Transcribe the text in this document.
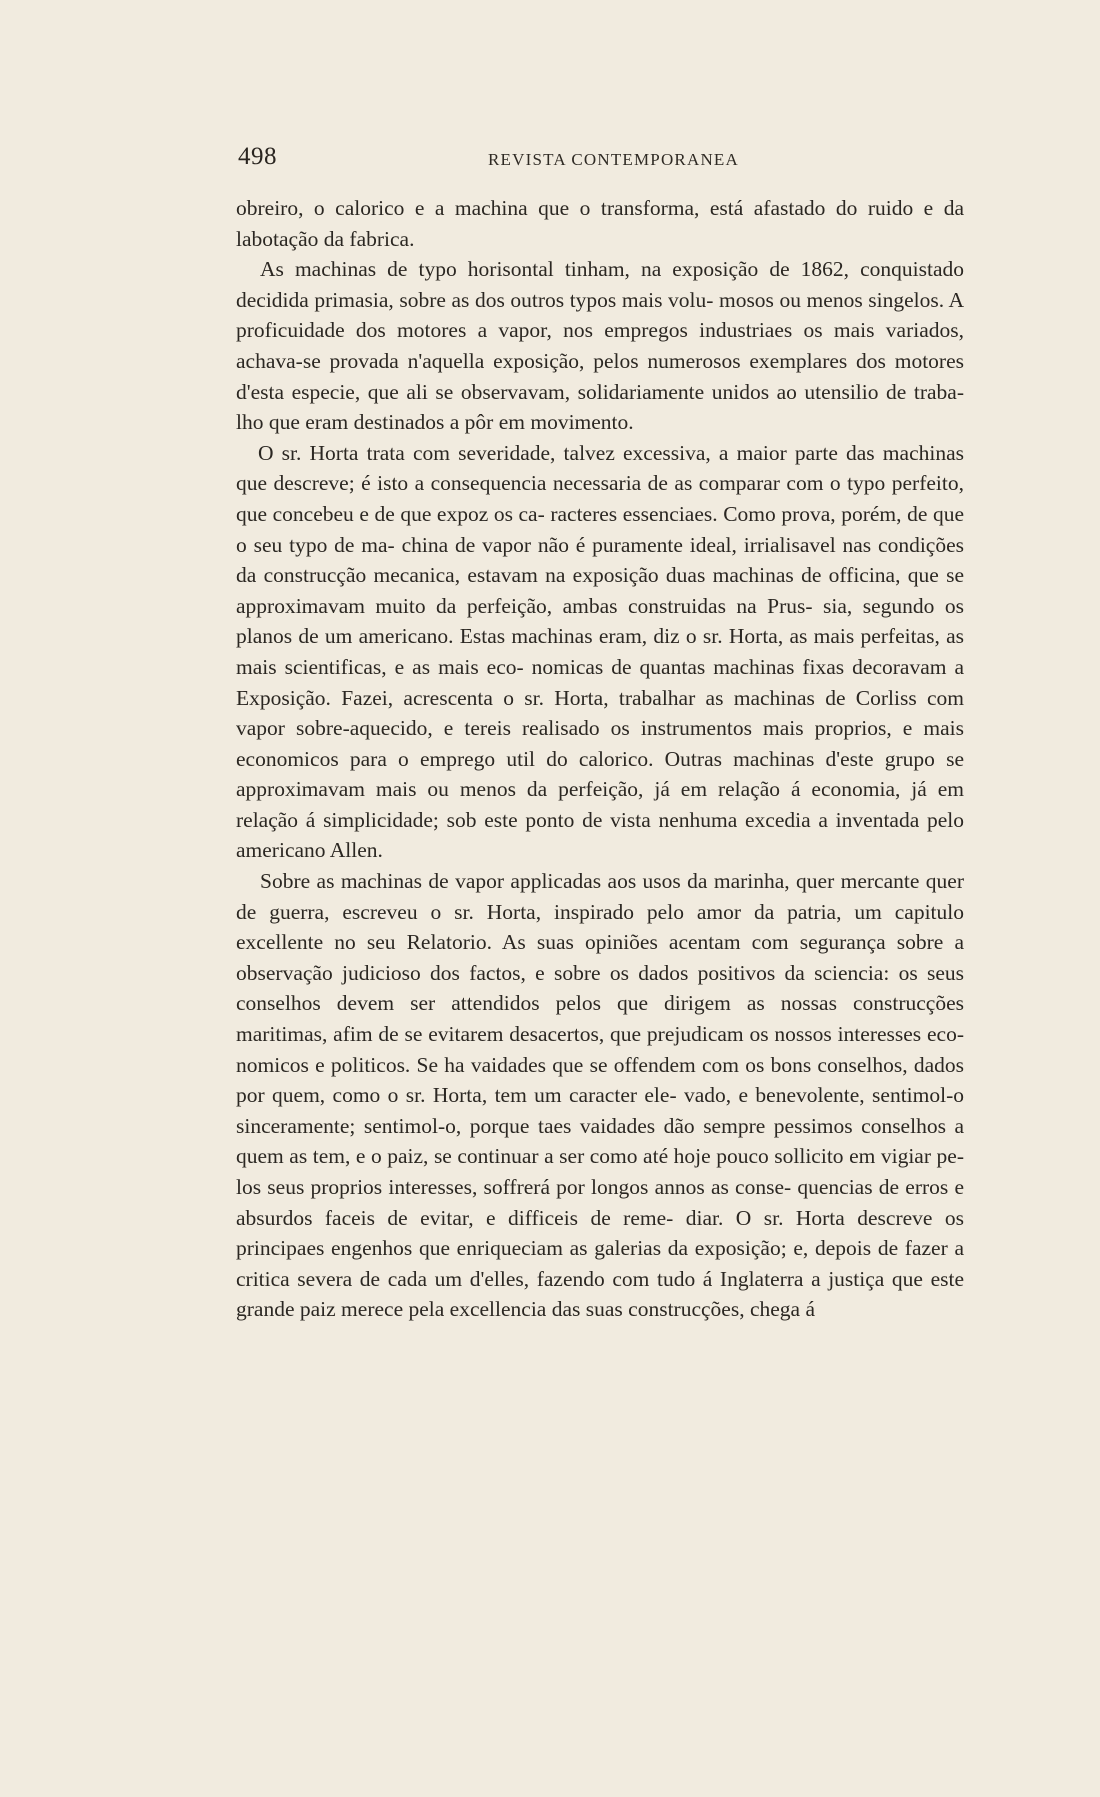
498	REVISTA CONTEMPORANEA

obreiro, o calorico e a machina que o transforma, está afastado do ruido e da labotação da fabrica.

As machinas de typo horisontal tinham, na exposição de 1862, conquistado decidida primasia, sobre as dos outros typos mais volu- mosos ou menos singelos. A proficuidade dos motores a vapor, nos empregos industriaes os mais variados, achava-se provada n'aquella exposição, pelos numerosos exemplares dos motores d'esta especie, que ali se observavam, solidariamente unidos ao utensilio de traba- lho que eram destinados a pôr em movimento.

O sr. Horta trata com severidade, talvez excessiva, a maior parte das machinas que descreve; é isto a consequencia necessaria de as comparar com o typo perfeito, que concebeu e de que expoz os ca- racteres essenciaes. Como prova, porém, de que o seu typo de ma- china de vapor não é puramente ideal, irrialisavel nas condições da construcção mecanica, estavam na exposição duas machinas de officina, que se approximavam muito da perfeição, ambas construidas na Prus- sia, segundo os planos de um americano. Estas machinas eram, diz o sr. Horta, as mais perfeitas, as mais scientificas, e as mais eco- nomicas de quantas machinas fixas decoravam a Exposição. Fazei, acrescenta o sr. Horta, trabalhar as machinas de Corliss com vapor sobre-aquecido, e tereis realisado os instrumentos mais proprios, e mais economicos para o emprego util do calorico. Outras machinas d'este grupo se approximavam mais ou menos da perfeição, já em relação á economia, já em relação á simplicidade; sob este ponto de vista nenhuma excedia a inventada pelo americano Allen.

Sobre as machinas de vapor applicadas aos usos da marinha, quer mercante quer de guerra, escreveu o sr. Horta, inspirado pelo amor da patria, um capitulo excellente no seu Relatorio. As suas opiniões acentam com segurança sobre a observação judicioso dos factos, e sobre os dados positivos da sciencia: os seus conselhos devem ser attendidos pelos que dirigem as nossas construcções maritimas, afim de se evitarem desacertos, que prejudicam os nossos interesses eco- nomicos e politicos. Se ha vaidades que se offendem com os bons conselhos, dados por quem, como o sr. Horta, tem um caracter ele- vado, e benevolente, sentimol-o sinceramente; sentimol-o, porque taes vaidades dão sempre pessimos conselhos a quem as tem, e o paiz, se continuar a ser como até hoje pouco sollicito em vigiar pe- los seus proprios interesses, soffrerá por longos annos as conse- quencias de erros e absurdos faceis de evitar, e difficeis de reme- diar. O sr. Horta descreve os principaes engenhos que enriqueciam as galerias da exposição; e, depois de fazer a critica severa de cada um d'elles, fazendo com tudo á Inglaterra a justiça que este grande paiz merece pela excellencia das suas construcções, chega á
